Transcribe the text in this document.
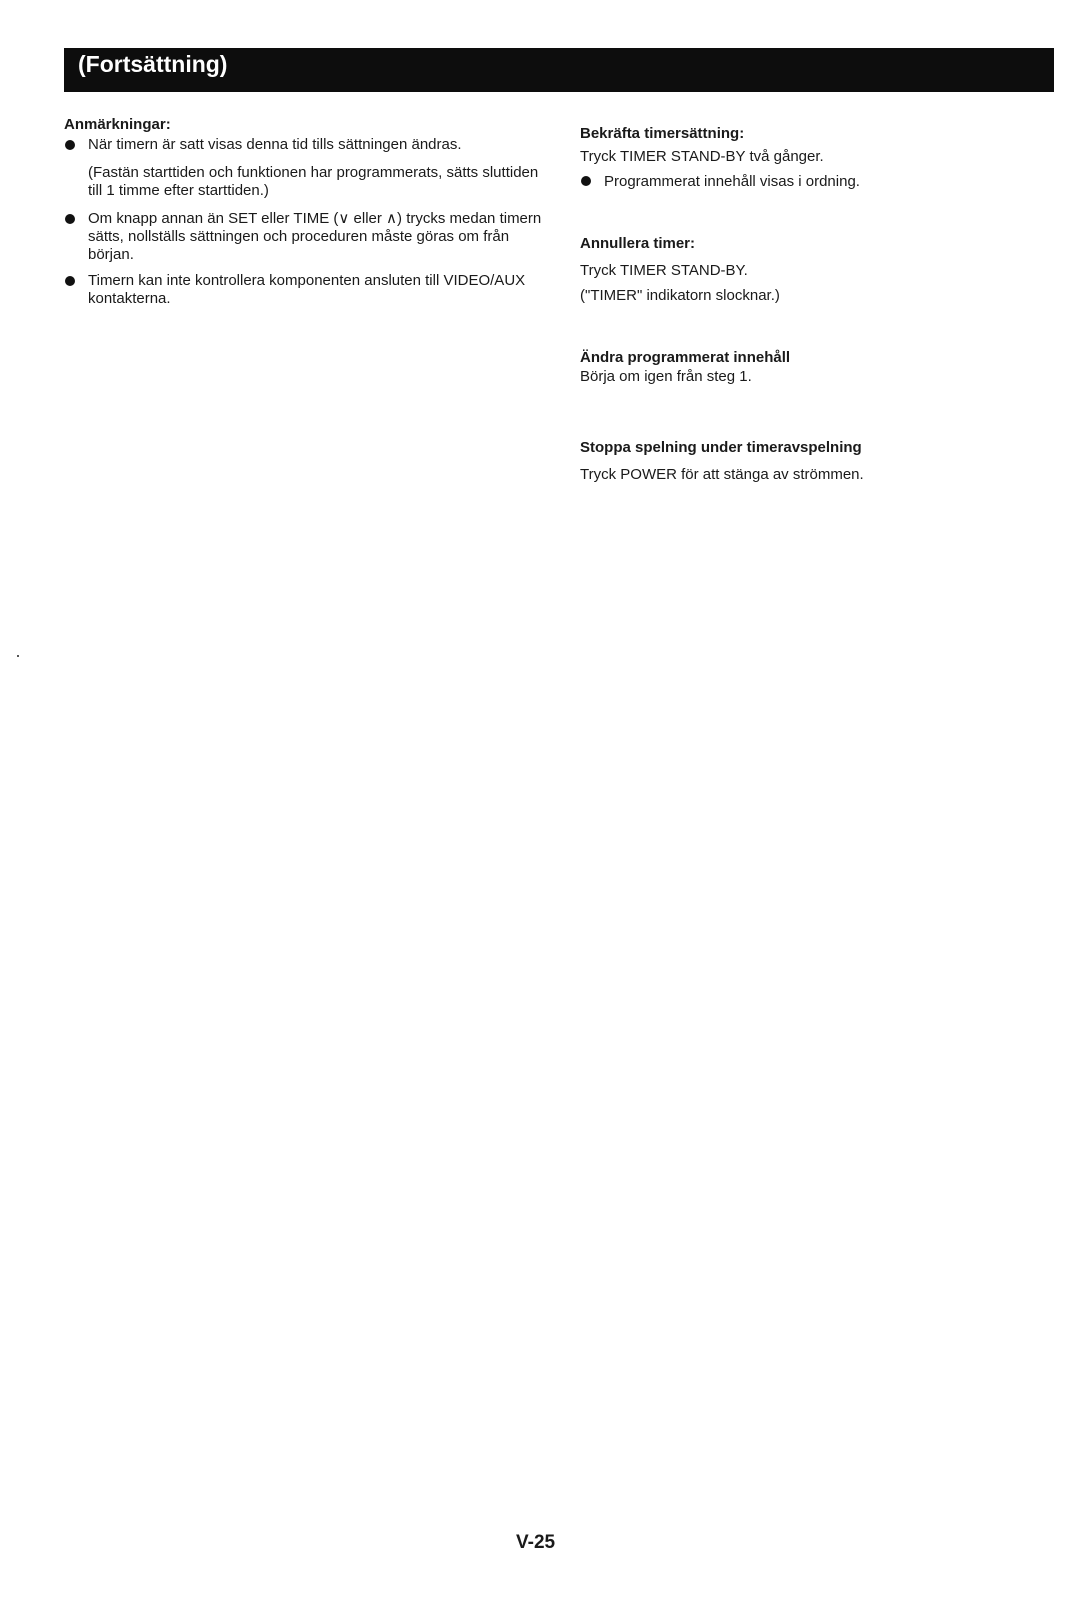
(Fortsättning)
Anmärkningar:
När timern är satt visas denna tid tills sättningen ändras.
(Fastän starttiden och funktionen har programmerats, sätts sluttiden till 1 timme efter starttiden.)
Om knapp annan än SET eller TIME (∨ eller ∧) trycks medan timern sätts, nollställs sättningen och proceduren måste göras om från början.
Timern kan inte kontrollera komponenten ansluten till VIDEO/AUX kontakterna.
Bekräfta timersättning:
Tryck TIMER STAND-BY två gånger.
Programmerat innehåll visas i ordning.
Annullera timer:
Tryck TIMER STAND-BY.
("TIMER" indikatorn slocknar.)
Ändra programmerat innehåll
Börja om igen från steg 1.
Stoppa spelning under timeravspelning
Tryck POWER för att stänga av strömmen.
V-25
